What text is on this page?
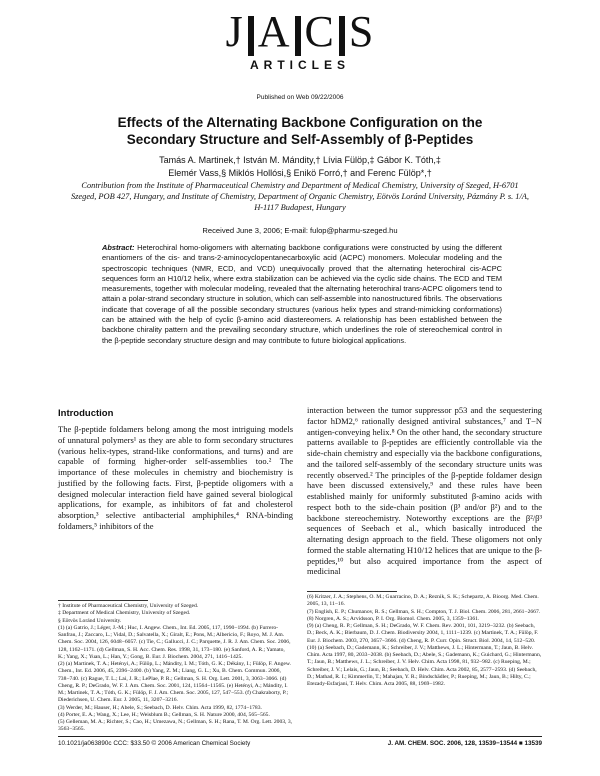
J A C S
ARTICLES
Published on Web 09/22/2006
Effects of the Alternating Backbone Configuration on the
Secondary Structure and Self-Assembly of β-Peptides
Tamás A. Martinek,† István M. Mándity,† Lívia Fülöp,‡ Gábor K. Tóth,‡
Elemér Vass,§ Miklós Hollósi,§ Enikö Forró,† and Ferenc Fülöp*,†
Contribution from the Institute of Pharmaceutical Chemistry and Department of Medical Chemistry, University of Szeged, H-6701 Szeged, POB 427, Hungary, and Institute of Chemistry, Department of Organic Chemistry, Eötvös Loránd University, Pázmány P. s. 1/A, H-1117 Budapest, Hungary
Received June 3, 2006; E-mail: fulop@pharmu-szeged.hu
Abstract: Heterochiral homo-oligomers with alternating backbone configurations were constructed by using the different enantiomers of the cis- and trans-2-aminocyclopentanecarboxylic acid (ACPC) monomers. Molecular modeling and the spectroscopic techniques (NMR, ECD, and VCD) unequivocally proved that the alternating heterochiral cis-ACPC sequences form an H10/12 helix, where extra stabilization can be achieved via the cyclic side chains. The ECD and TEM measurements, together with molecular modeling, revealed that the alternating heterochiral trans-ACPC oligomers tend to attain a polar-strand secondary structure in solution, which can self-assemble into nanostructured fibrils. The observations indicate that coverage of all the possible secondary structures (various helix types and strand-mimicking conformations) can be attained with the help of cyclic β-amino acid diastereomers. A relationship has been established between the backbone chirality pattern and the prevailing secondary structure, which underlines the role of stereochemical control in the β-peptide secondary structure design and may contribute to future biological applications.
Introduction
The β-peptide foldamers belong among the most intriguing models of unnatural polymers¹ as they are able to form secondary structures (various helix-types, strand-like conformations, and turns) and are capable of forming higher-order self-assemblies too.² The importance of these molecules in chemistry and biochemistry is justified by the following facts. First, β-peptide oligomers with a designed molecular interaction field have gained several biological applications, for example, as inhibitors of fat and cholesterol absorption,³ selective antibacterial amphiphiles,⁴ RNA-binding foldamers,⁵ inhibitors of the
interaction between the tumor suppressor p53 and the sequestering factor hDM2,⁶ rationally designed antiviral substances,⁷ and T−N antigen-conveying helix.⁸ On the other hand, the secondary structure patterns available to β-peptides are efficiently controllable via the side-chain chemistry and especially via the backbone configurations, and the tailored self-assembly of the secondary structure units was recently observed.² The principles of the β-peptide foldamer design have been discussed extensively,⁹ and these rules have been established mainly for uniformly substituted β-amino acids with respect both to the side-chain position (β³ and/or β²) and to the backbone stereochemistry. Noteworthy exceptions are the β²/β³ sequences of Seebach et al., which basically introduced the alternating design approach to the field. These oligomers not only formed the stable alternating H10/12 helices that are unique to the β-peptides,¹⁰ but also acquired importance from the aspect of medicinal

† Institute of Pharmaceutical Chemistry, University of Szeged.

‡ Department of Medical Chemistry, University of Szeged.

§ Eötvös Loránd University.

(1) (a) Gatrio, J.; Léger, J.-M.; Huc, I. Angew. Chem., Int. Ed. 2005, 117, 1990−1994. (b) Furrero-Sanfrau, J.; Zaccaro, L.; Vidal, D.; Salvatella, X.; Giralt, E.; Pons, M.; Albericio, F.; Royo, M. J. Am. Chem. Soc. 2004, 126, 6048−6057. (c) Tie, C.; Gallucci, J. C.; Parquette, J. R. J. Am. Chem. Soc. 2006, 128, 1162−1171. (d) Gellman, S. H. Acc. Chem. Res. 1998, 31, 173−180. (e) Sanford, A. R.; Yamato, K.; Yang, X.; Yuan, L.; Han, Y.; Gong, B. Eur. J. Biochem. 2004, 271, 1416−1425.

(2) (a) Martinek, T. A.; Hetényi, A.; Fülöp, L.; Mándity, I. M.; Tóth, G. K.; Dékány, I.; Fülöp, F. Angew. Chem., Int. Ed. 2006, 45, 2396−2400. (b) Yang, Z. M.; Liang, G. L.; Xu, B. Chem. Commun. 2006, 738−740. (c) Rague, T. L.; Lai, J. R.; LePlae, P. R.; Gellman, S. H. Org. Lett. 2001, 3, 3063−3066. (d) Cheng, R. P.; DeGrado, W. F. J. Am. Chem. Soc. 2001, 124, 11564−11565. (e) Hetényi, A.; Mándity, I. M.; Martinek, T. A.; Tóth, G. K.; Fülöp, F. J. Am. Chem. Soc. 2005, 127, 547−553. (f) Chakraborty, P.; Diederichsen, U. Chem. Eur. J. 2005, 11, 3207−3216.

(3) Werder, M.; Hauser, H.; Abele, S.; Seebach, D. Helv. Chim. Acta 1999, 82, 1774−1783.

(4) Porter, E. A.; Wang, X.; Lee, H.; Weisblum B.; Gellman, S. H. Nature 2000, 404, 565−565.

(5) Gelleman, M. A.; Richter, S.; Cao, H.; Umezawa, N.; Gellman, S. H.; Rana, T. M. Org. Lett. 2003, 3, 3563−3565.

(6) Kritzer, J. A.; Stephens, O. M.; Guarracino, D. A.; Reznik, S. K.; Schepartz, A. Bioorg. Med. Chem. 2005, 13, 11−16.

(7) English, E. P.; Chumanov, R. S.; Gellman, S. H.; Compton, T. J. Biol. Chem. 2006, 281, 2661−2667.

(8) Norgren, A. S.; Arvidsson, P. I. Org. Biomol. Chem. 2005, 3, 1359−1361.

(9) (a) Cheng, R. P.; Gellman, S. H.; DeGrado, W. F. Chem. Rev. 2001, 101, 3219−3232. (b) Seebach, D.; Beck, A. K.; Bierbaum, D. J. Chem. Biodiversity 2004, 1, 1111−1239. (c) Martinek, T. A.; Fülöp, F. Eur. J. Biochem. 2003, 270, 3657−3666. (d) Cheng, R. P. Curr. Opin. Struct. Biol. 2004, 14, 512−520.

(10) (a) Seebach, D.; Gademann, K.; Schreiber, J. V.; Matthews, J. L.; Hintermann, T.; Jaun, B. Helv. Chim. Acta 1997, 80, 2033−2038. (b) Seebach, D.; Abele, S.; Gademann, K.; Guichard, G.; Hintermann, T.; Jaun, B.; Matthews, J. L.; Schreiber, J. V. Helv. Chim. Acta 1998, 81, 932−982. (c) Rueping, M.; Schreiber, J. V.; Lelais, G.; Jaun, B.; Seebach, D. Helv. Chim. Acta 2002, 85, 2577−2593. (d) Seebach, D.; Mathad, R. I.; Kimmerlin, T.; Mahajan, Y. R.; Bindschädler, P.; Rueping, M.; Jaun, B.; Hilty, C.; Etezady-Esfarjani, T. Helv. Chim. Acta 2005, 88, 1969−1982.

10.1021/ja063890c CCC: $33.50 © 2006 American Chemical Society	J. AM. CHEM. SOC. 2006, 128, 13539−13544 ■ 13539
